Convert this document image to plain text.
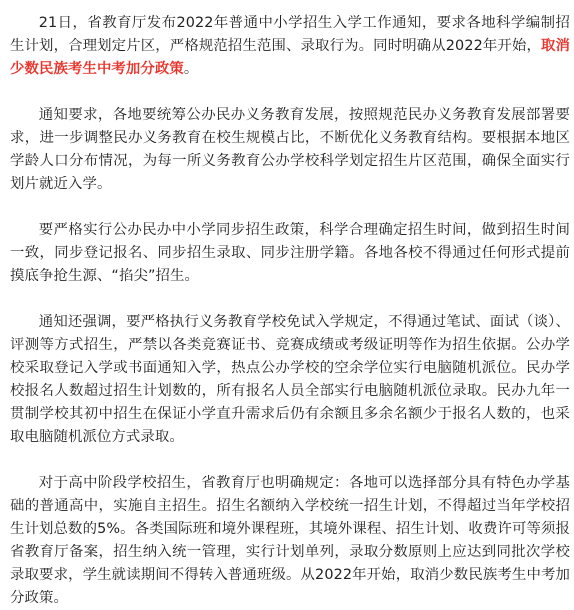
21日，省教育厅发布2022年普通中小学招生入学工作通知，要求各地科学编制招生计划，合理划定片区，严格规范招生范围、录取行为。同时明确从2022年开始，取消少数民族考生中考加分政策。

通知要求，各地要统筹公办民办义务教育发展，按照规范民办义务教育发展部署要求，进一步调整民办义务教育在校生规模占比，不断优化义务教育结构。要根据本地区学龄人口分布情况，为每一所义务教育公办学校科学划定招生片区范围，确保全面实行划片就近入学。

要严格实行公办民办中小学同步招生政策，科学合理确定招生时间，做到招生时间一致，同步登记报名、同步招生录取、同步注册学籍。各地各校不得通过任何形式提前摸底争抢生源、“掐尖”招生。

通知还强调，要严格执行义务教育学校免试入学规定，不得通过笔试、面试（谈）、评测等方式招生，严禁以各类竞赛证书、竞赛成绩或考级证明等作为招生依据。公办学校采取登记入学或书面通知入学，热点公办学校的空余学位实行电脑随机派位。民办学校报名人数超过招生计划数的，所有报名人员全部实行电脑随机派位录取。民办九年一贯制学校其初中招生在保证小学直升需求后仍有余额且多余名额少于报名人数的，也采取电脑随机派位方式录取。

对于高中阶段学校招生，省教育厅也明确规定：各地可以选择部分具有特色办学基础的普通高中，实施自主招生。招生名额纳入学校统一招生计划，不得超过当年学校招生计划总数的5%。各类国际班和境外课程班，其境外课程、招生计划、收费许可等须报省教育厅备案，招生纳入统一管理，实行计划单列，录取分数原则上应达到同批次学校录取要求，学生就读期间不得转入普通班级。从2022年开始，取消少数民族考生中考加分政策。
